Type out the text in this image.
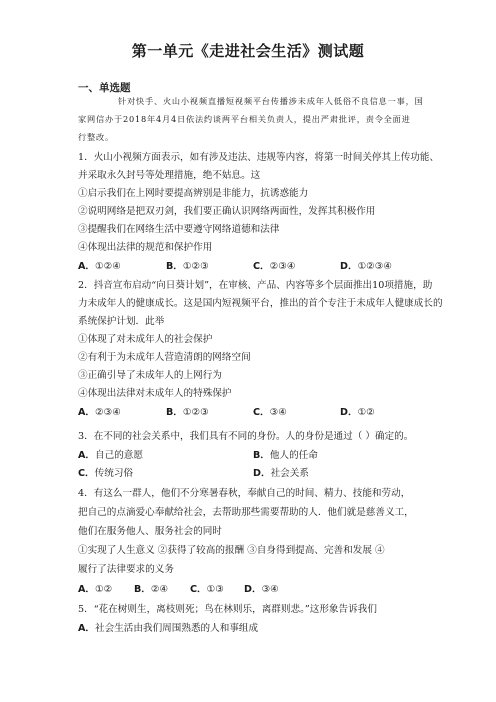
第一单元《走进社会生活》测试题
一、单选题
针对快手、火山小视频直播短视频平台传播涉未成年人低俗不良信息一事，国
家网信办于2018年4月4日依法约谈两平台相关负责人，提出严肃批评，责令全面进
行整改。
1．火山小视频方面表示，如有涉及违法、违规等内容，将第一时间关停其上传功能、
并采取永久封号等处理措施，绝不姑息。这
①启示我们在上网时要提高辨别是非能力，抗诱惑能力
②说明网络是把双刃剑，我们要正确认识网络两面性，发挥其积极作用
③提醒我们在网络生活中要遵守网络道德和法律
④体现出法律的规范和保护作用
A．①②④	B．①②③	C．②③④	D．①②③④
2．抖音宣布启动“向日葵计划”，在审核、产品、内容等多个层面推出10项措施，助
力未成年人的健康成长。这是国内短视频平台，推出的首个专注于未成年人健康成长的
系统保护计划．此举
①体现了对未成年人的社会保护
②有利于为未成年人营造清朗的网络空间
③正确引导了未成年人的上网行为
④体现出法律对未成年人的特殊保护
A．②③④	B．①②③	C．③④	D．①②
3．在不同的社会关系中，我们具有不同的身份。人的身份是通过（ ）确定的。
A．自己的意愿	B．他人的任命
C．传统习俗	D．社会关系
4．有这么一群人，他们不分寒暑春秋，奉献自己的时间、精力、技能和劳动，
把自己的点滴爱心奉献给社会，去帮助那些需要帮助的人．他们就是慈善义工，
他们在服务他人、服务社会的同时
①实现了人生意义 ②获得了较高的报酬 ③自身得到提高、完善和发展 ④
履行了法律要求的义务
A．①② B．②④ C．①③ D．③④
5．“花在树则生，离枝则死；鸟在林则乐，离群则悲。”这形象告诉我们
A．社会生活由我们周围熟悉的人和事组成
